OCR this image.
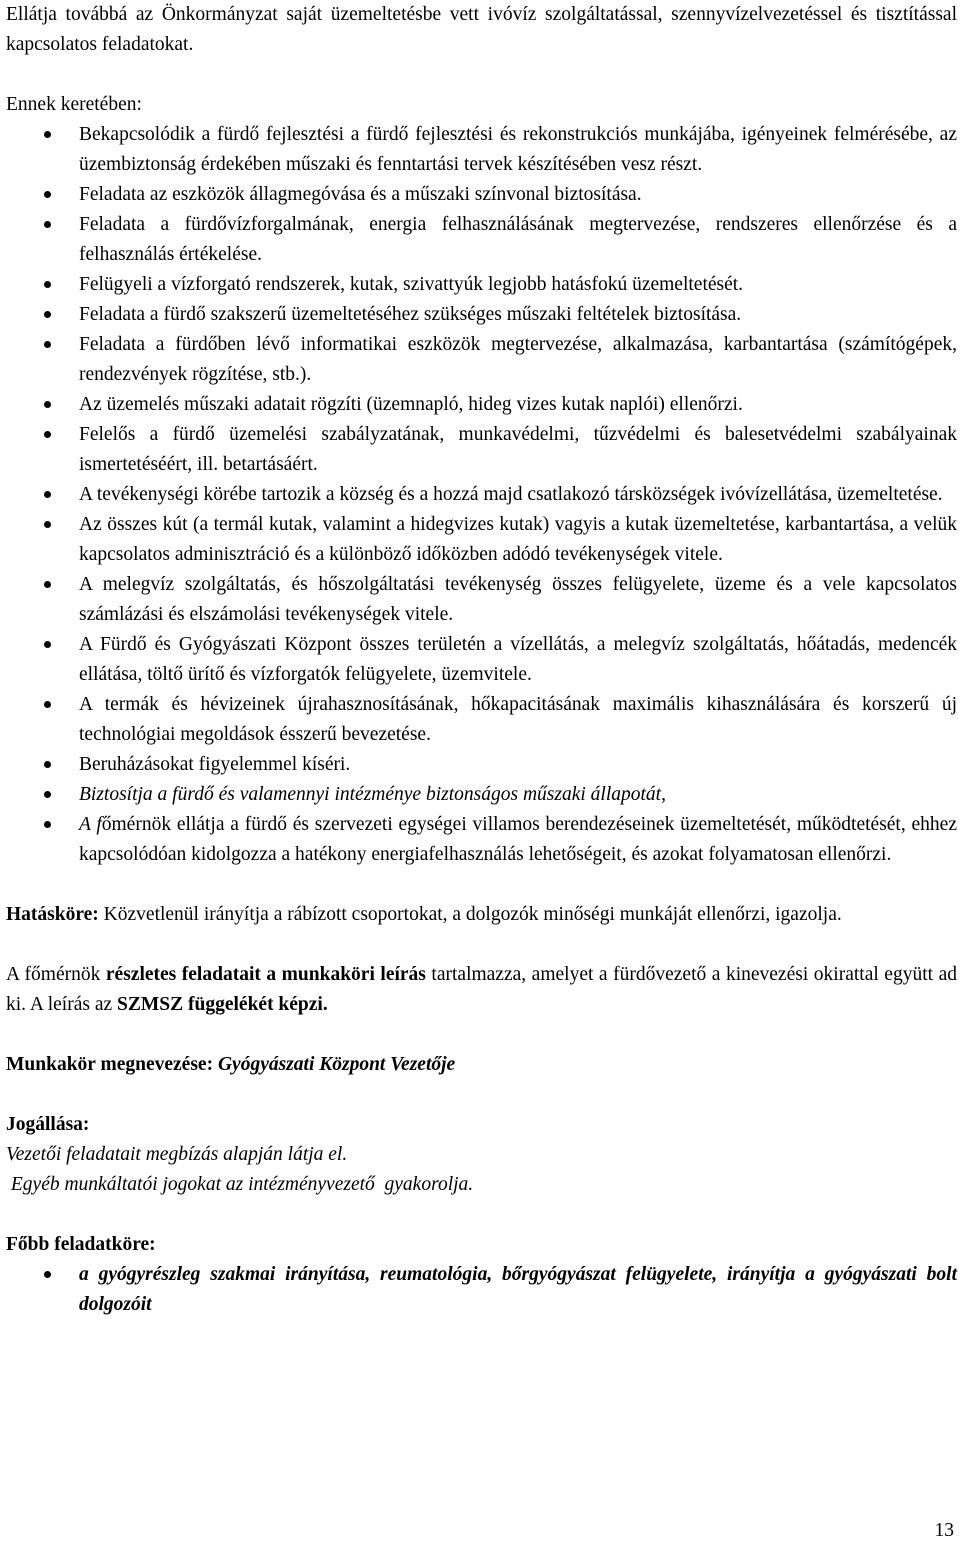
Ellátja továbbá az Önkormányzat saját üzemeltetésbe vett ivóvíz szolgáltatással, szennyvízelvezetéssel és tisztítással kapcsolatos feladatokat.

Ennek keretében:

Bekapcsolódik a fürdő fejlesztési a fürdő fejlesztési és rekonstrukciós munkájába, igényeinek felmérésébe, az üzembiztonság érdekében műszaki és fenntartási tervek készítésében vesz részt.
Feladata az eszközök állagmegóvása és a műszaki színvonal biztosítása.
Feladata a fürdővízforgalmának, energia felhasználásának megtervezése, rendszeres ellenőrzése és a felhasználás értékelése.
Felügyeli a vízforgató rendszerek, kutak, szivattyúk legjobb hatásfokú üzemeltetését.
Feladata a fürdő szakszerű üzemeltetéséhez szükséges műszaki feltételek biztosítása.
Feladata a fürdőben lévő informatikai eszközök megtervezése, alkalmazása, karbantartása (számítógépek, rendezvények rögzítése, stb.).
Az üzemelés műszaki adatait rögzíti (üzemnapló, hideg vizes kutak naplói) ellenőrzi.
Felelős a fürdő üzemelési szabályzatának, munkavédelmi, tűzvédelmi és balesetvédelmi szabályainak ismertetéséért, ill. betartásáért.
A tevékenységi körébe tartozik a község és a hozzá majd csatlakozó társközségek ivóvízellátása, üzemeltetése.
Az összes kút (a termál kutak, valamint a hidegvizes kutak) vagyis a kutak üzemeltetése, karbantartása, a velük kapcsolatos adminisztráció és a különböző időközben adódó tevékenységek vitele.
A melegvíz szolgáltatás, és hőszolgáltatási tevékenység összes felügyelete, üzeme és a vele kapcsolatos számlázási és elszámolási tevékenységek vitele.
A Fürdő és Gyógyászati Központ összes területén a vízellátás, a melegvíz szolgáltatás, hőátadás, medencék ellátása, töltő ürítő és vízforgatók felügyelete, üzemvitele.
A termák és hévizeinek újrahasznosításának, hőkapacitásának maximális kihasználására és korszerű új technológiai megoldások ésszerű bevezetése.
Beruházásokat figyelemmel kíséri.
Biztosítja a fürdő és valamennyi intézménye biztonságos műszaki állapotát,
A főmérnök ellátja a fürdő és szervezeti egységei villamos berendezéseinek üzemeltetését, működtetését, ehhez kapcsolódóan kidolgozza a hatékony energiafelhasználás lehetőségeit, és azokat folyamatosan ellenőrzi.

Hatásköre: Közvetlenül irányítja a rábízott csoportokat, a dolgozók minőségi munkáját ellenőrzi, igazolja.

A főmérnök részletes feladatait a munkaköri leírás tartalmazza, amelyet a fürdővezető a kinevezési okirattal együtt ad ki. A leírás az SZMSZ függelékét képzi.

Munkakör megnevezése: Gyógyászati Központ Vezetője

Jogállása:

Vezetői feladatait megbízás alapján látja el.

Egyéb munkáltatói jogokat az intézményvezető  gyakorolja.

Főbb feladatköre:

a gyógyrészleg szakmai irányítása, reumatológia, bőrgyógyászat felügyelete, irányítja a gyógyászati bolt dolgozóit
13
